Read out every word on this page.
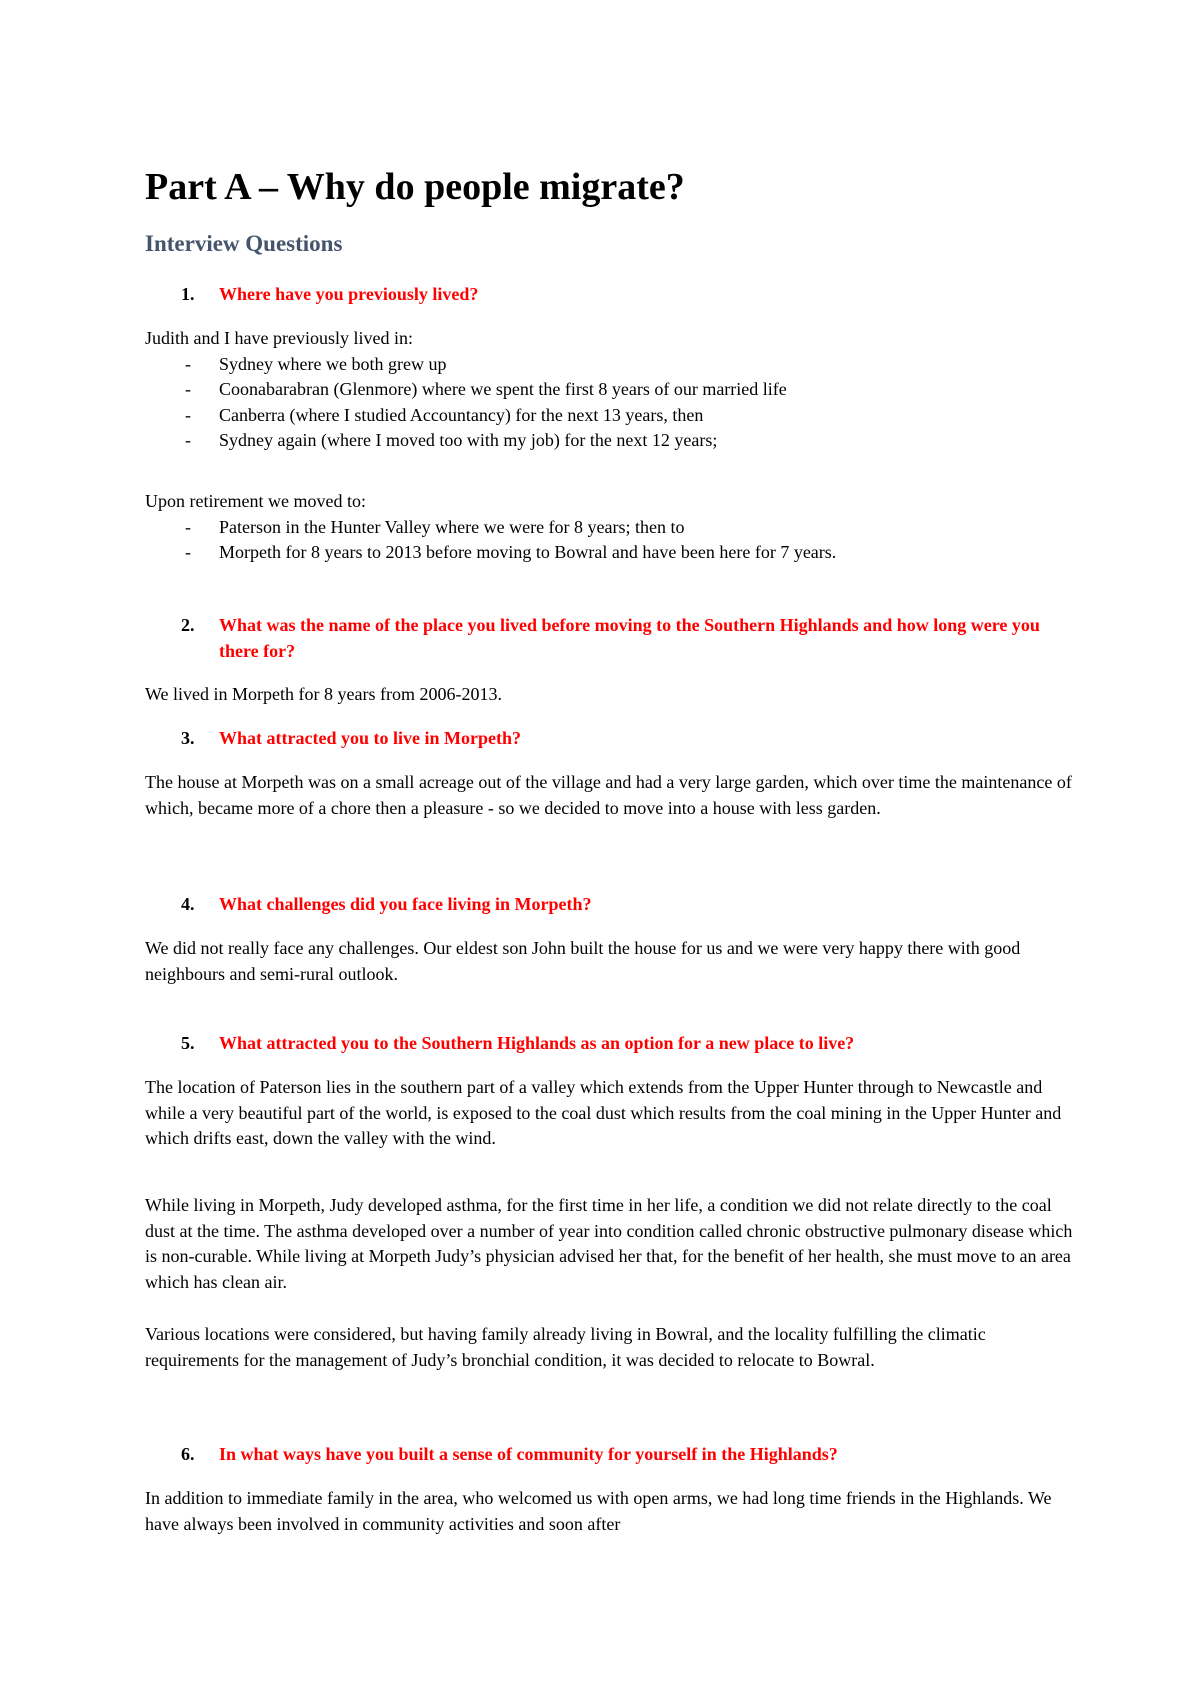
Part A – Why do people migrate?
Interview Questions
1.	Where have you previously lived?

Judith and I have previously lived in:

- Sydney where we both grew up
- Coonabarabran (Glenmore) where we spent the first 8 years of our married life
- Canberra (where I studied Accountancy) for the next 13 years, then
- Sydney again (where I moved too with my job) for the next 12 years;

Upon retirement we moved to:

- Paterson in the Hunter Valley where we were for 8 years; then to
- Morpeth for 8 years to 2013 before moving to Bowral and have been here for 7 years.
2.	What was the name of the place you lived before moving to the Southern Highlands and how long were you there for?

We lived in Morpeth for 8 years from 2006-2013.

3.	What attracted you to live in Morpeth?

The house at Morpeth was on a small acreage out of the village and had a very large garden, which over time the maintenance of which, became more of a chore then a pleasure - so we decided to move into a house with less garden.

4.	What challenges did you face living in Morpeth?

We did not really face any challenges. Our eldest son John built the house for us and we were very happy there with good neighbours and semi-rural outlook.

5.	What attracted you to the Southern Highlands as an option for a new place to live?

The location of Paterson lies in the southern part of a valley which extends from the Upper Hunter through to Newcastle and while a very beautiful part of the world, is exposed to the coal dust which results from the coal mining in the Upper Hunter and which drifts east, down the valley with the wind.

While living in Morpeth, Judy developed asthma, for the first time in her life, a condition we did not relate directly to the coal dust at the time. The asthma developed over a number of year into condition called chronic obstructive pulmonary disease which is non-curable. While living at Morpeth Judy’s physician advised her that, for the benefit of her health, she must move to an area which has clean air.

Various locations were considered, but having family already living in Bowral, and the locality fulfilling the climatic requirements for the management of Judy’s bronchial condition, it was decided to relocate to Bowral.

6.	In what ways have you built a sense of community for yourself in the Highlands?

In addition to immediate family in the area, who welcomed us with open arms, we had long time friends in the Highlands. We have always been involved in community activities and soon after
